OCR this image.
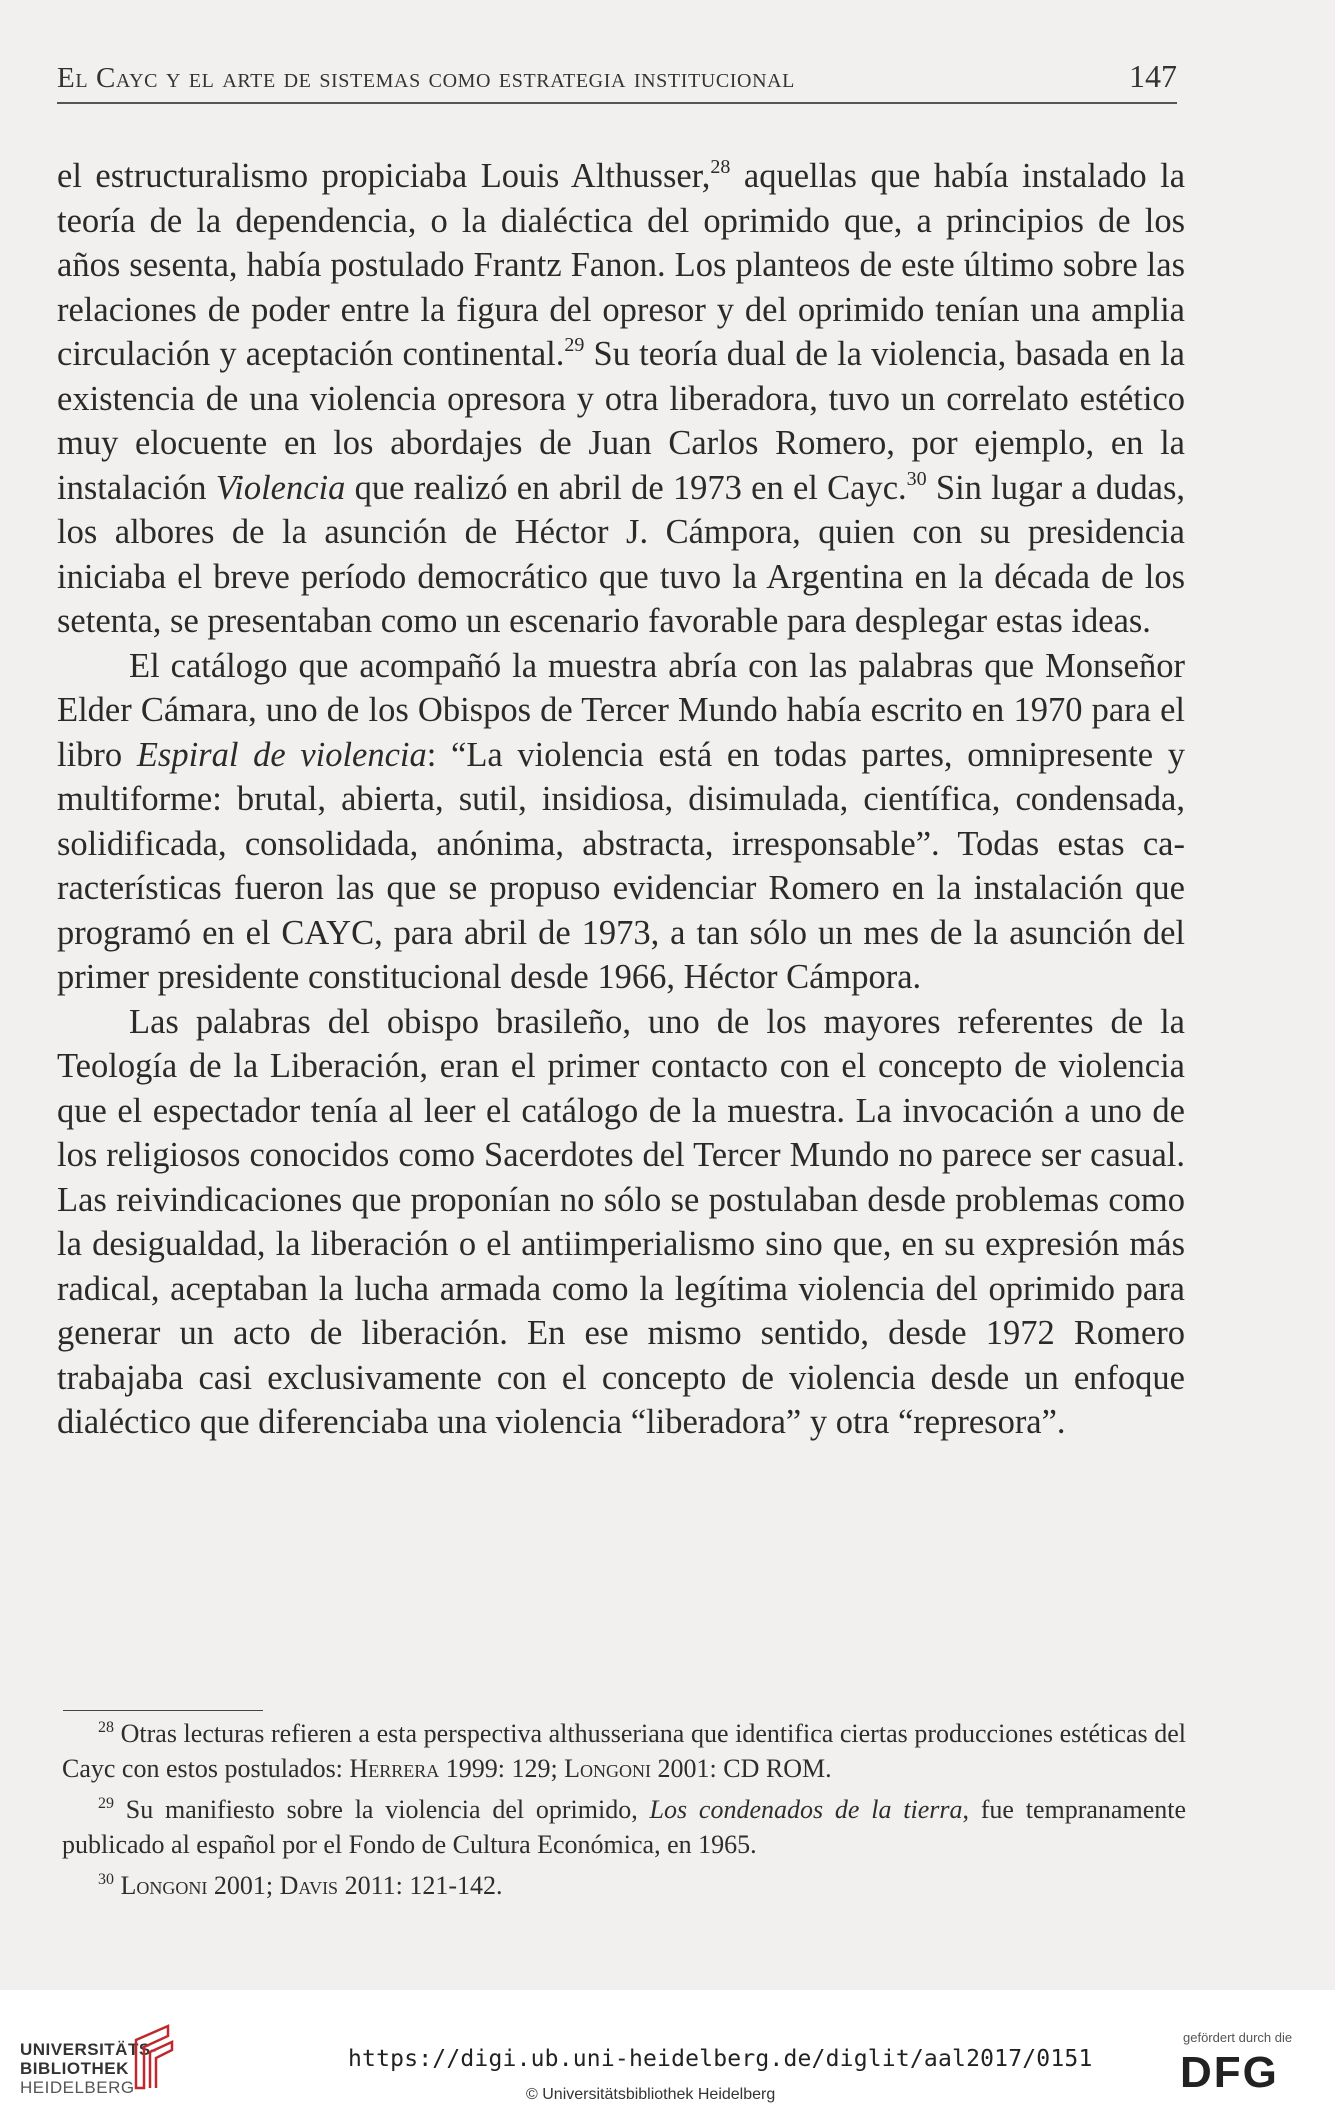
El Cayc y el arte de sistemas como estrategia institucional	147

el estructuralismo propiciaba Louis Althusser,$^{28}$ aquellas que había instalado la teoría de la dependencia, o la dialéctica del oprimido que, a principios de los años sesenta, había postulado Frantz Fanon. Los planteos de este último sobre las relaciones de poder entre la figura del opresor y del oprimido tenían una amplia circulación y aceptación continental.$^{29}$ Su teoría dual de la violencia, basada en la existencia de una violencia opresora y otra liberadora, tuvo un correlato estético muy elocuente en los abordajes de Juan Carlos Romero, por ejemplo, en la instalación Violencia que realizó en abril de 1973 en el Cayc.$^{30}$ Sin lugar a dudas, los albores de la asunción de Héctor J. Cámpora, quien con su presidencia iniciaba el breve período democrático que tuvo la Argentina en la década de los setenta, se presentaban como un escenario favorable para desplegar estas ideas.

El catálogo que acompañó la muestra abría con las palabras que Monseñor Elder Cámara, uno de los Obispos de Tercer Mundo había escrito en 1970 para el libro Espiral de violencia: “La violencia está en todas partes, omnipresente y multiforme: brutal, abierta, sutil, insidiosa, disimulada, científica, condensada, solidificada, consolidada, anónima, abstracta, irresponsable”. Todas estas características fueron las que se propuso evidenciar Romero en la instalación que programó en el CAYC, para abril de 1973, a tan sólo un mes de la asunción del primer presidente constitucional desde 1966, Héctor Cámpora.

Las palabras del obispo brasileño, uno de los mayores referentes de la Teología de la Liberación, eran el primer contacto con el concepto de violencia que el espectador tenía al leer el catálogo de la muestra. La invocación a uno de los religiosos conocidos como Sacerdotes del Tercer Mundo no parece ser casual. Las reivindicaciones que proponían no sólo se postulaban desde problemas como la desigualdad, la liberación o el antiimperialismo sino que, en su expresión más radical, aceptaban la lucha armada como la legítima violencia del oprimido para generar un acto de liberación. En ese mismo sentido, desde 1972 Romero trabajaba casi exclusivamente con el concepto de violencia desde un enfoque dialéctico que diferenciaba una violencia “liberadora” y otra “represora”.

$^{28}$ Otras lecturas refieren a esta perspectiva althusseriana que identifica ciertas producciones estéticas del Cayc con estos postulados: Herrera 1999: 129; Longoni 2001: CD ROM.

$^{29}$ Su manifiesto sobre la violencia del oprimido, Los condenados de la tierra, fue tempranamente publicado al español por el Fondo de Cultura Económica, en 1965.

$^{30}$ Longoni 2001; Davis 2011: 121-142.

UNIVERSITÄTS-
BIBLIOTHEK
HEIDELBERG
https://digi.ub.uni-heidelberg.de/diglit/aal2017/0151
© Universitätsbibliothek Heidelberg
gefördert durch die
DFG
